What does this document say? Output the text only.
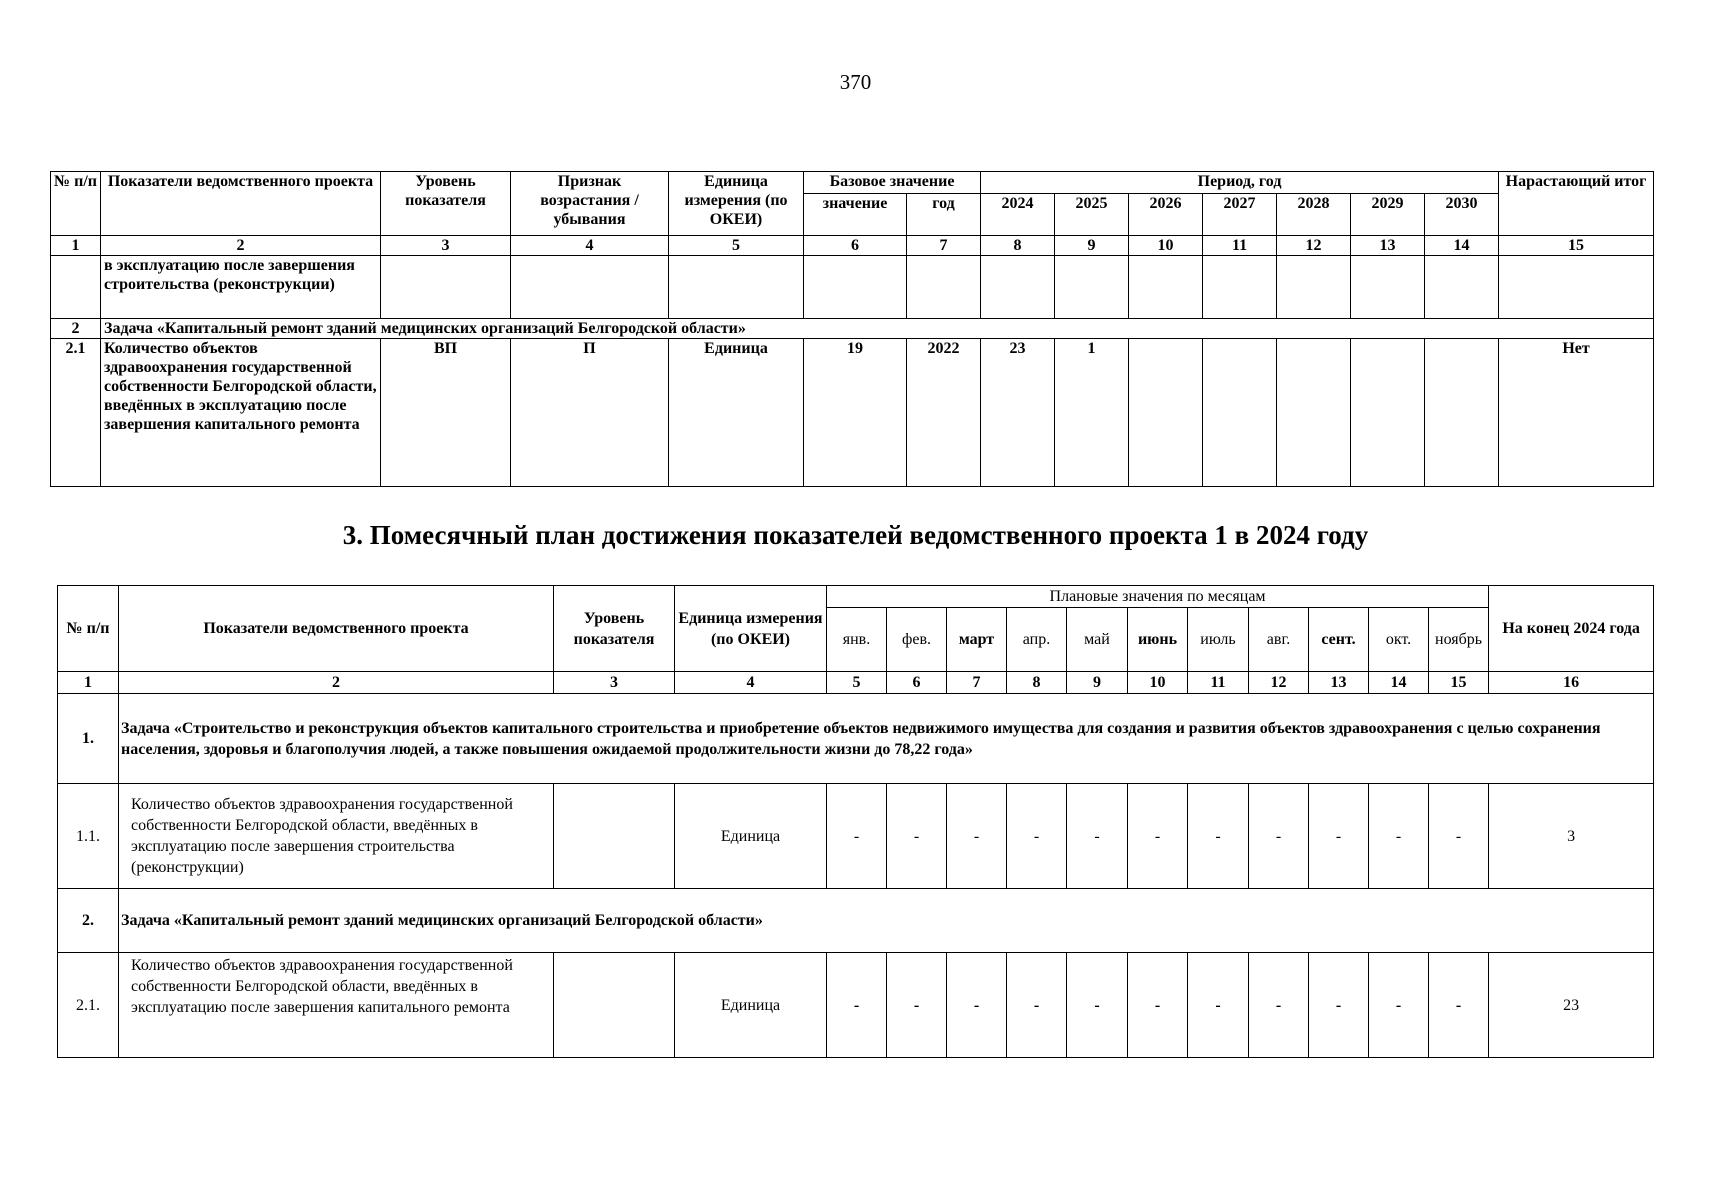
370
№ п/п	Показатели ведомственного проекта	Уровень показателя	Признак возрастания / убывания	Единица измерения (по ОКЕИ)	Базовое значение		Период, год							Нарастающий итог
					значение	год	2024	2025	2026	2027	2028	2029	2030	
1	2	3	4	5	6	7	8	9	10	11	12	13	14	15
	в эксплуатацию после завершения строительства (реконструкции)													
2	Задача «Капитальный ремонт зданий медицинских организаций Белгородской области»													
2.1	Количество объектов здравоохранения государственной собственности Белгородской области, введённых в эксплуатацию после завершения капитального ремонта	ВП	П	Единица	19	2022	23	1						Нет
3. Помесячный план достижения показателей ведомственного проекта 1 в 2024 году
№ п/п	Показатели ведомственного проекта	Уровень показателя	Единица измерения (по ОКЕИ)	Плановые значения по месяцам											На конец 2024 года
				янв.	фев.	март	апр.	май	июнь	июль	авг.	сент.	окт.	ноябрь	
1	2	3	4	5	6	7	8	9	10	11	12	13	14	15	16
1.	Задача «Строительство и реконструкция объектов капитального строительства и приобретение объектов недвижимого имущества для создания и развития объектов здравоохранения с целью сохранения населения, здоровья и благополучия людей, а также повышения ожидаемой продолжительности жизни до 78,22 года»														
1.1.	Количество объектов здравоохранения государственной собственности Белгородской области, введённых в эксплуатацию после завершения строительства (реконструкции)		Единица	-	-	-	-	-	-	-	-	-	-	-	3
2.	Задача «Капитальный ремонт зданий медицинских организаций Белгородской области»														
2.1.	Количество объектов здравоохранения государственной собственности Белгородской области, введённых в эксплуатацию после завершения капитального ремонта		Единица	-	-	-	-	-	-	-	-	-	-	-	23
